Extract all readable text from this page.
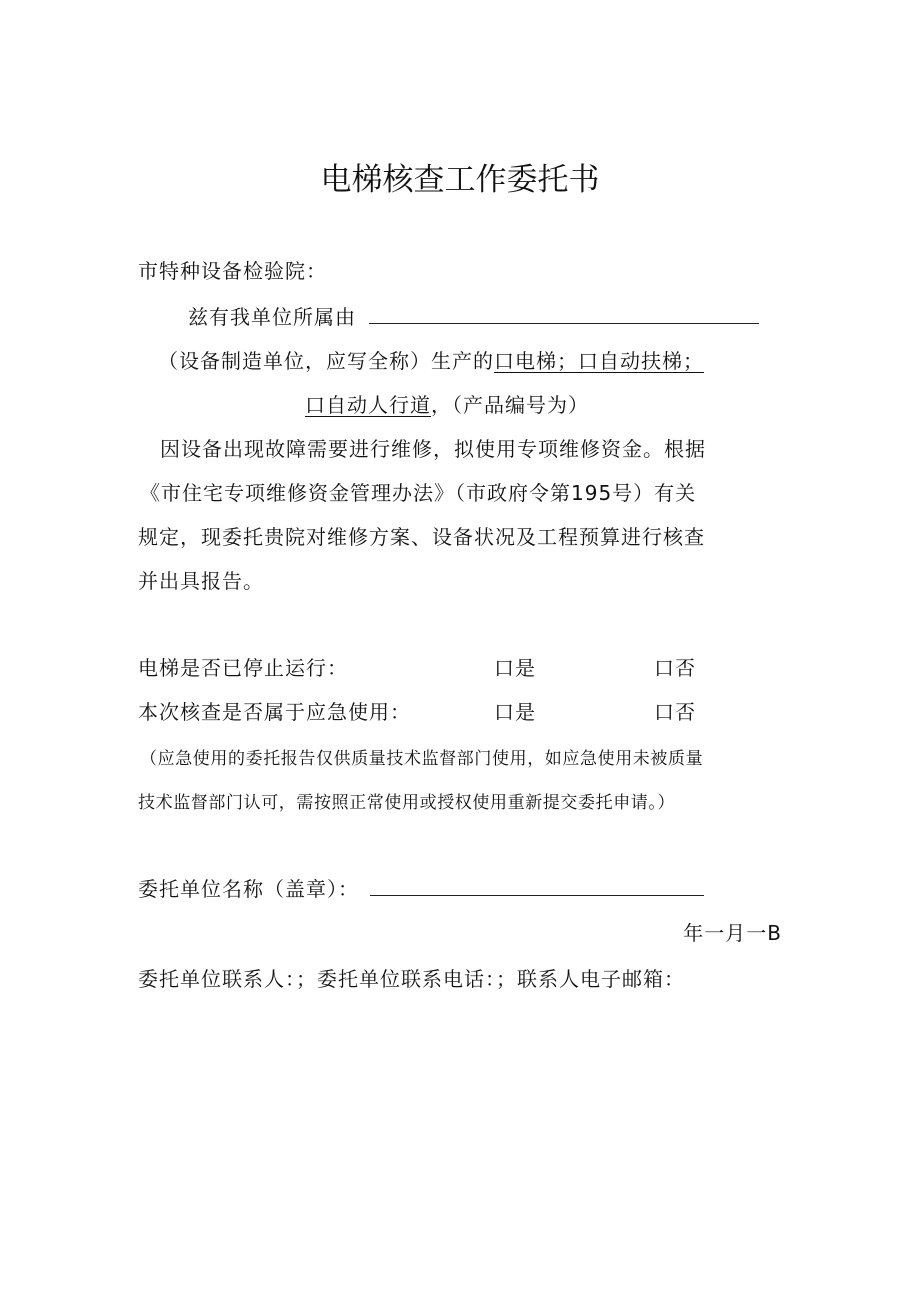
电梯核查工作委托书
市特种设备检验院：
兹有我单位所属由
（设备制造单位，应写全称）生产的口电梯；口自动扶梯；
口自动人行道，（产品编号为）
因设备出现故障需要进行维修，拟使用专项维修资金。根据
《市住宅专项维修资金管理办法》（市政府令第195号）有关
规定，现委托贵院对维修方案、设备状况及工程预算进行核查
并出具报告。
电梯是否已停止运行：	口是	口否
本次核查是否属于应急使用：	口是	口否
（应急使用的委托报告仅供质量技术监督部门使用，如应急使用未被质量
技术监督部门认可，需按照正常使用或授权使用重新提交委托申请。）
委托单位名称（盖章）：
年一月一B
委托单位联系人：；委托单位联系电话：；联系人电子邮箱：
